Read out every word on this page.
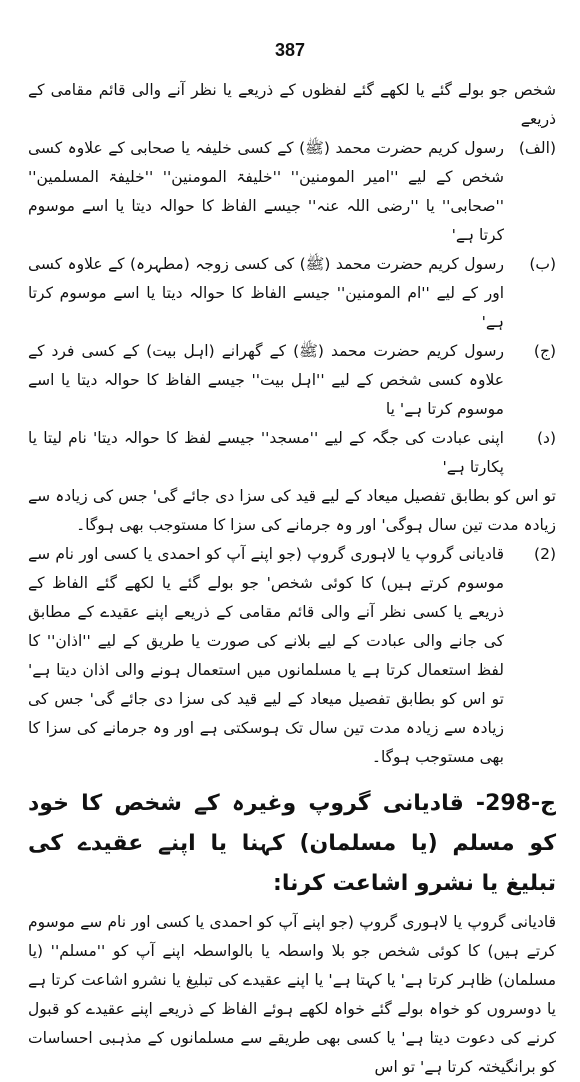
387

شخص جو بولے گئے یا لکھے گئے لفظوں کے ذریعے یا نظر آنے والی قائم مقامی کے ذریعے

(الف)
رسول کریم حضرت محمد (ﷺ) کے کسی خلیفہ یا صحابی کے علاوہ کسی شخص کے لیے ''امیر المومنین'' ''خلیفۃ المومنین'' ''خلیفۃ المسلمین'' ''صحابی'' یا ''رضی اللہ عنہ'' جیسے الفاظ کا حوالہ دیتا یا اسے موسوم کرتا ہے'
(ب)
رسول کریم حضرت محمد (ﷺ) کی کسی زوجہ (مطہرہ) کے علاوہ کسی اور کے لیے ''ام المومنین'' جیسے الفاظ کا حوالہ دیتا یا اسے موسوم کرتا ہے'
(ج)
رسول کریم حضرت محمد (ﷺ) کے گھرانے (اہل بیت) کے کسی فرد کے علاوہ کسی شخص کے لیے ''اہل بیت'' جیسے الفاظ کا حوالہ دیتا یا اسے موسوم کرتا ہے' یا
(د)
اپنی عبادت کی جگہ کے لیے ''مسجد'' جیسے لفظ کا حوالہ دیتا' نام لیتا یا پکارتا ہے'

تو اس کو بطابق تفصیل میعاد کے لیے قید کی سزا دی جائے گی' جس کی زیادہ سے زیادہ مدت تین سال ہوگی' اور وہ جرمانے کی سزا کا مستوجب بھی ہوگا۔

(2)
قادیانی گروپ یا لاہوری گروپ (جو اپنے آپ کو احمدی یا کسی اور نام سے موسوم کرتے ہیں) کا کوئی شخص' جو بولے گئے یا لکھے گئے الفاظ کے ذریعے یا کسی نظر آنے والی قائم مقامی کے ذریعے اپنے عقیدے کے مطابق کی جانے والی عبادت کے لیے بلانے کی صورت یا طریق کے لیے ''اذان'' کا لفظ استعمال کرتا ہے یا مسلمانوں میں استعمال ہونے والی اذان دیتا ہے' تو اس کو بطابق تفصیل میعاد کے لیے قید کی سزا دی جائے گی' جس کی زیادہ سے زیادہ مدت تین سال تک ہوسکتی ہے اور وہ جرمانے کی سزا کا بھی مستوجب ہوگا۔

ج-298- قادیانی گروپ وغیرہ کے شخص کا خود کو مسلم (یا مسلمان) کہنا یا اپنے عقیدے کی تبلیغ یا نشرو اشاعت کرنا:

قادیانی گروپ یا لاہوری گروپ (جو اپنے آپ کو احمدی یا کسی اور نام سے موسوم کرتے ہیں) کا کوئی شخص جو بلا واسطہ یا بالواسطہ اپنے آپ کو ''مسلم'' (یا مسلمان) ظاہر کرتا ہے' یا کہتا ہے' یا اپنے عقیدے کی تبلیغ یا نشرو اشاعت کرتا ہے یا دوسروں کو خواہ بولے گئے خواہ لکھے ہوئے الفاظ کے ذریعے اپنے عقیدے کو قبول کرنے کی دعوت دیتا ہے' یا کسی بھی طریقے سے مسلمانوں کے مذہبی احساسات کو برانگیختہ کرتا ہے' تو اس
